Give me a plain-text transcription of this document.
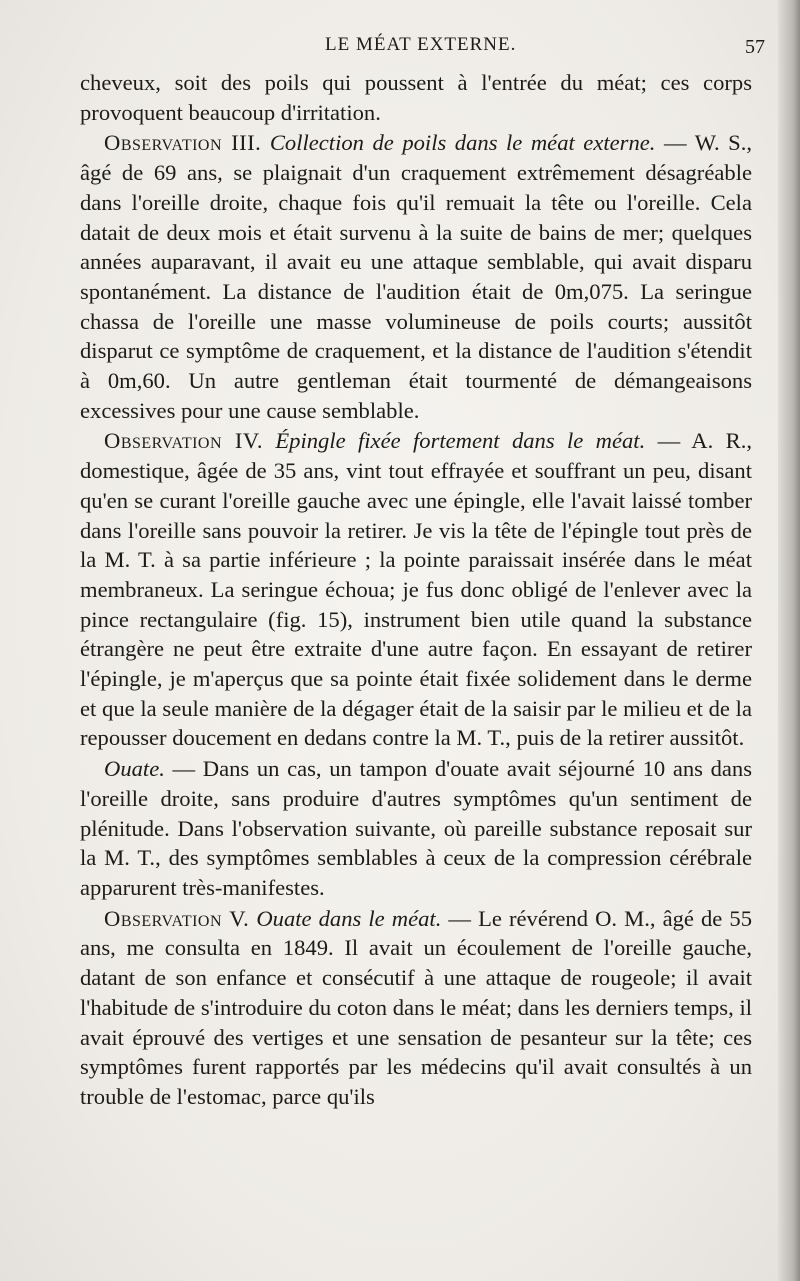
LE MÉAT EXTERNE.	57

cheveux, soit des poils qui poussent à l'entrée du méat; ces corps provoquent beaucoup d'irritation.

Observation III. Collection de poils dans le méat externe. — W. S., âgé de 69 ans, se plaignait d'un craquement extrêmement désagréable dans l'oreille droite, chaque fois qu'il remuait la tête ou l'oreille. Cela datait de deux mois et était survenu à la suite de bains de mer; quelques années auparavant, il avait eu une attaque semblable, qui avait disparu spontanément. La distance de l'audition était de 0m,075. La seringue chassa de l'oreille une masse volumineuse de poils courts; aussitôt disparut ce symptôme de craquement, et la distance de l'audition s'étendit à 0m,60. Un autre gentleman était tourmenté de démangeaisons excessives pour une cause semblable.

Observation IV. Épingle fixée fortement dans le méat. — A. R., domestique, âgée de 35 ans, vint tout effrayée et souffrant un peu, disant qu'en se curant l'oreille gauche avec une épingle, elle l'avait laissé tomber dans l'oreille sans pouvoir la retirer. Je vis la tête de l'épingle tout près de la M. T. à sa partie inférieure ; la pointe paraissait insérée dans le méat membraneux. La seringue échoua; je fus donc obligé de l'enlever avec la pince rectangulaire (fig. 15), instrument bien utile quand la substance étrangère ne peut être extraite d'une autre façon. En essayant de retirer l'épingle, je m'aperçus que sa pointe était fixée solidement dans le derme et que la seule manière de la dégager était de la saisir par le milieu et de la repousser doucement en dedans contre la M. T., puis de la retirer aussitôt.

Ouate. — Dans un cas, un tampon d'ouate avait séjourné 10 ans dans l'oreille droite, sans produire d'autres symptômes qu'un sentiment de plénitude. Dans l'observation suivante, où pareille substance reposait sur la M. T., des symptômes semblables à ceux de la compression cérébrale apparurent très-manifestes.

Observation V. Ouate dans le méat. — Le révérend O. M., âgé de 55 ans, me consulta en 1849. Il avait un écoulement de l'oreille gauche, datant de son enfance et consécutif à une attaque de rougeole; il avait l'habitude de s'introduire du coton dans le méat; dans les derniers temps, il avait éprouvé des vertiges et une sensation de pesanteur sur la tête; ces symptômes furent rapportés par les médecins qu'il avait consultés à un trouble de l'estomac, parce qu'ils
